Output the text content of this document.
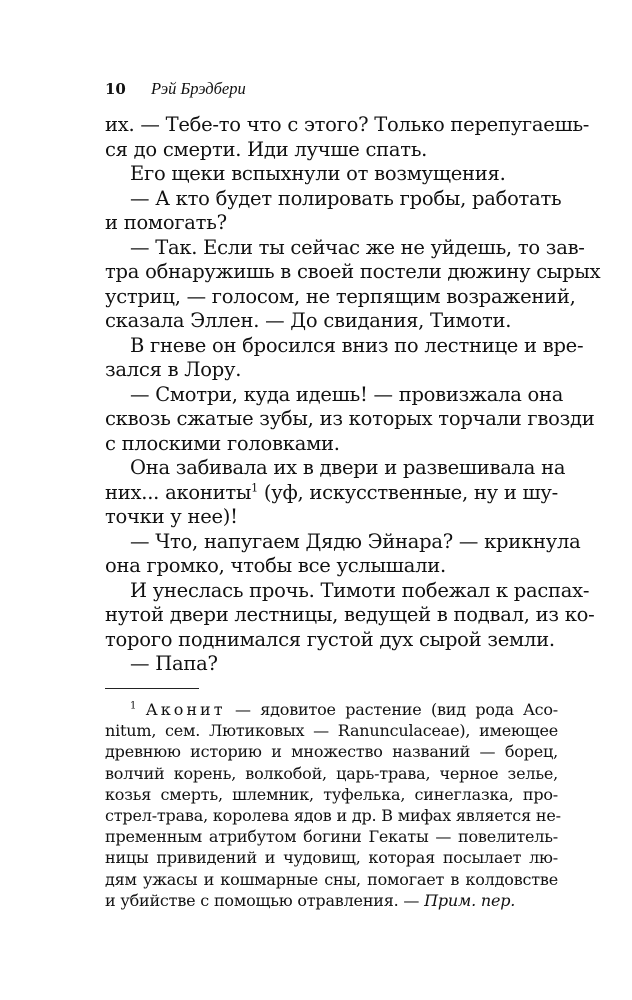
10 Рэй Брэдбери
их. — Тебе-то что с этого? Только перепугаешь-
ся до смерти. Иди лучше спать.
Его щеки вспыхнули от возмущения.
— А кто будет полировать гробы, работать
и помогать?
— Так. Если ты сейчас же не уйдешь, то зав-
тра обнаружишь в своей постели дюжину сырых
устриц, — голосом, не терпящим возражений,
сказала Эллен. — До свидания, Тимоти.
В гневе он бросился вниз по лестнице и вре-
зался в Лору.
— Смотри, куда идешь! — провизжала она
сквозь сжатые зубы, из которых торчали гвозди
с плоскими головками.
Она забивала их в двери и развешивала на
них... акониты$^1$ (уф, искусственные, ну и шу-
точки у нее)!
— Что, напугаем Дядю Эйнара? — крикнула
она громко, чтобы все услышали.
И унеслась прочь. Тимоти побежал к распах-
нутой двери лестницы, ведущей в подвал, из ко-
торого поднимался густой дух сырой земли.
— Папа?
$^1$ Аконит — ядовитое растение (вид рода Aco-
nitum, сем. Лютиковых — Ranunculaceae), имеющее
древнюю историю и множество названий — борец,
волчий корень, волкобой, царь-трава, черное зелье,
козья смерть, шлемник, туфелька, синеглазка, про-
стрел-трава, королева ядов и др. В мифах является не-
пременным атрибутом богини Гекаты — повелитель-
ницы привидений и чудовищ, которая посылает лю-
дям ужасы и кошмарные сны, помогает в колдовстве
и убийстве с помощью отравления. — Прим. пер.
